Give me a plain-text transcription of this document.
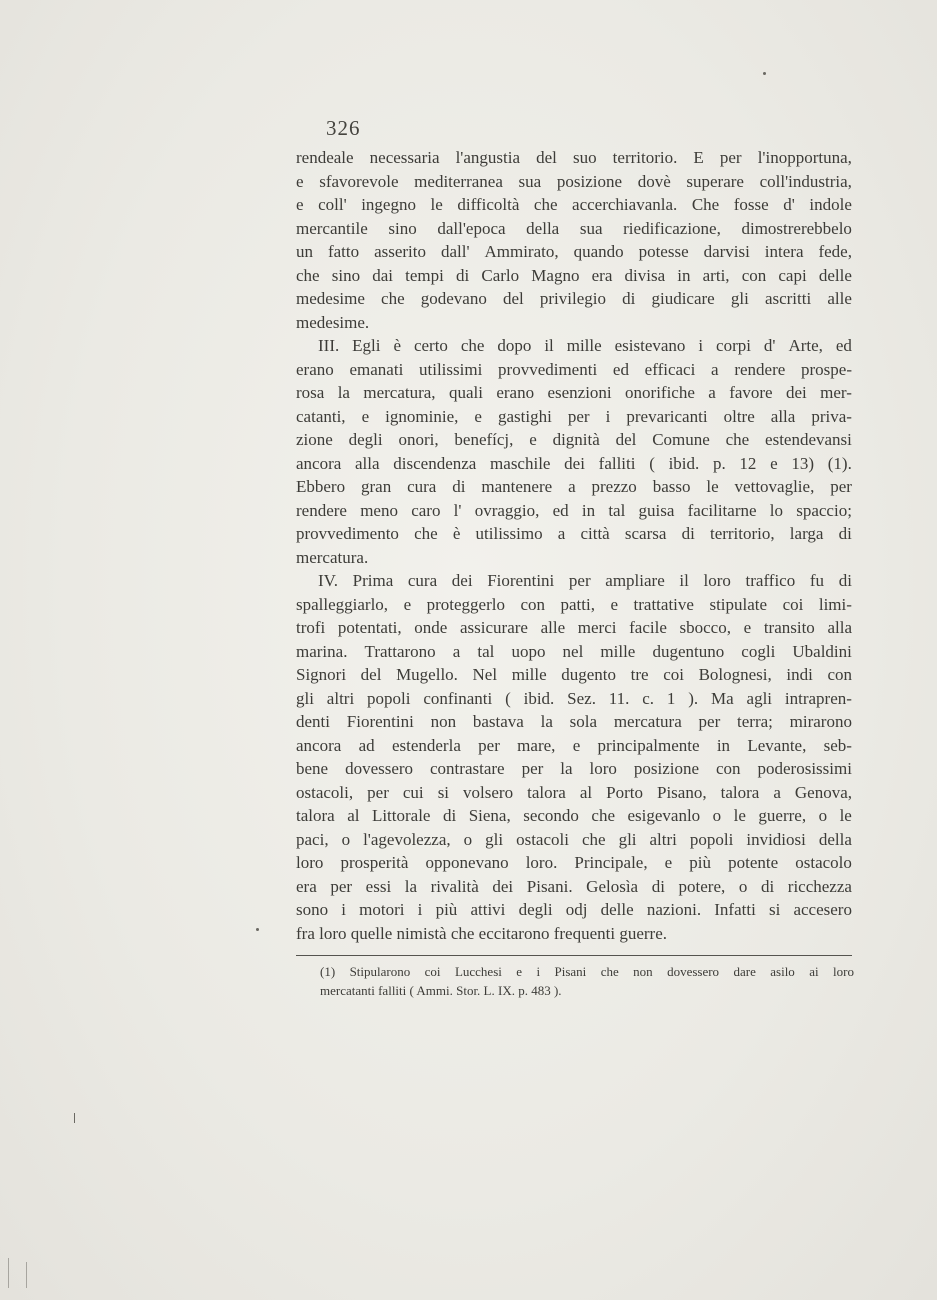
326
rendeale necessaria l'angustia del suo territorio. E per l'inopportuna,
e sfavorevole mediterranea sua posizione dovè superare coll'industria,
e coll' ingegno le difficoltà che accerchiavanla. Che fosse d' indole
mercantile sino dall'epoca della sua riedificazione, dimostrerebbelo
un fatto asserito dall' Ammirato, quando potesse darvisi intera fede,
che sino dai tempi di Carlo Magno era divisa in arti, con capi delle
medesime che godevano del privilegio di giudicare gli ascritti alle
medesime.
III. Egli è certo che dopo il mille esistevano i corpi d' Arte, ed
erano emanati utilissimi provvedimenti ed efficaci a rendere prospe-
rosa la mercatura, quali erano esenzioni onorifiche a favore dei mer-
catanti, e ignominie, e gastighi per i prevaricanti oltre alla priva-
zione degli onori, benefícj, e dignità del Comune che estendevansi
ancora alla discendenza maschile dei falliti ( ibid. p. 12 e 13) (1).
Ebbero gran cura di mantenere a prezzo basso le vettovaglie, per
rendere meno caro l' ovraggio, ed in tal guisa facilitarne lo spaccio;
provvedimento che è utilissimo a città scarsa di territorio, larga di
mercatura.
IV. Prima cura dei Fiorentini per ampliare il loro traffico fu di
spalleggiarlo, e proteggerlo con patti, e trattative stipulate coi limi-
trofi potentati, onde assicurare alle merci facile sbocco, e transito alla
marina. Trattarono a tal uopo nel mille dugentuno cogli Ubaldini
Signori del Mugello. Nel mille dugento tre coi Bolognesi, indi con
gli altri popoli confinanti ( ibid. Sez. 11. c. 1 ). Ma agli intrapren-
denti Fiorentini non bastava la sola mercatura per terra; mirarono
ancora ad estenderla per mare, e principalmente in Levante, seb-
bene dovessero contrastare per la loro posizione con poderosissimi
ostacoli, per cui si volsero talora al Porto Pisano, talora a Genova,
talora al Littorale di Siena, secondo che esigevanlo o le guerre, o le
paci, o l'agevolezza, o gli ostacoli che gli altri popoli invidiosi della
loro prosperità opponevano loro. Principale, e più potente ostacolo
era per essi la rivalità dei Pisani. Gelosìa di potere, o di ricchezza
sono i motori i più attivi degli odj delle nazioni. Infatti si accesero
fra loro quelle nimistà che eccitarono frequenti guerre.
(1) Stipularono coi Lucchesi e i Pisani che non dovessero dare asilo ai loro
mercatanti falliti ( Ammi. Stor. L. IX. p. 483 ).
